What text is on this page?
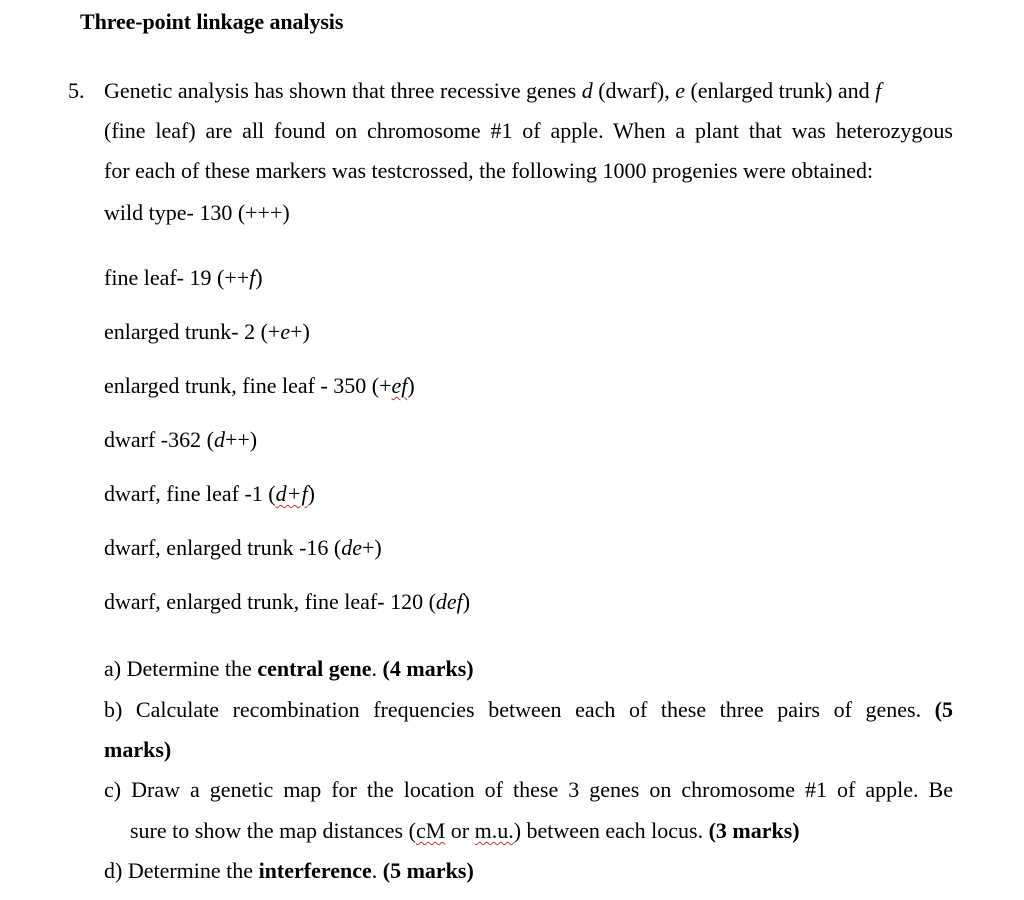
Three-point linkage analysis
5. Genetic analysis has shown that three recessive genes d (dwarf), e (enlarged trunk) and f
(fine leaf) are all found on chromosome #1 of apple. When a plant that was heterozygous
for each of these markers was testcrossed, the following 1000 progenies were obtained:
wild type- 130 (+++)
fine leaf- 19 (++f)
enlarged trunk- 2 (+e+)
enlarged trunk, fine leaf - 350 (+ef)
dwarf -362 (d++)
dwarf, fine leaf -1 (d+f)
dwarf, enlarged trunk -16 (de+)
dwarf, enlarged trunk, fine leaf- 120 (def)
a) Determine the central gene. (4 marks)
b) Calculate recombination frequencies between each of these three pairs of genes. (5
marks)
c) Draw a genetic map for the location of these 3 genes on chromosome #1 of apple. Be
sure to show the map distances (cM or m.u.) between each locus. (3 marks)
d) Determine the interference. (5 marks)
